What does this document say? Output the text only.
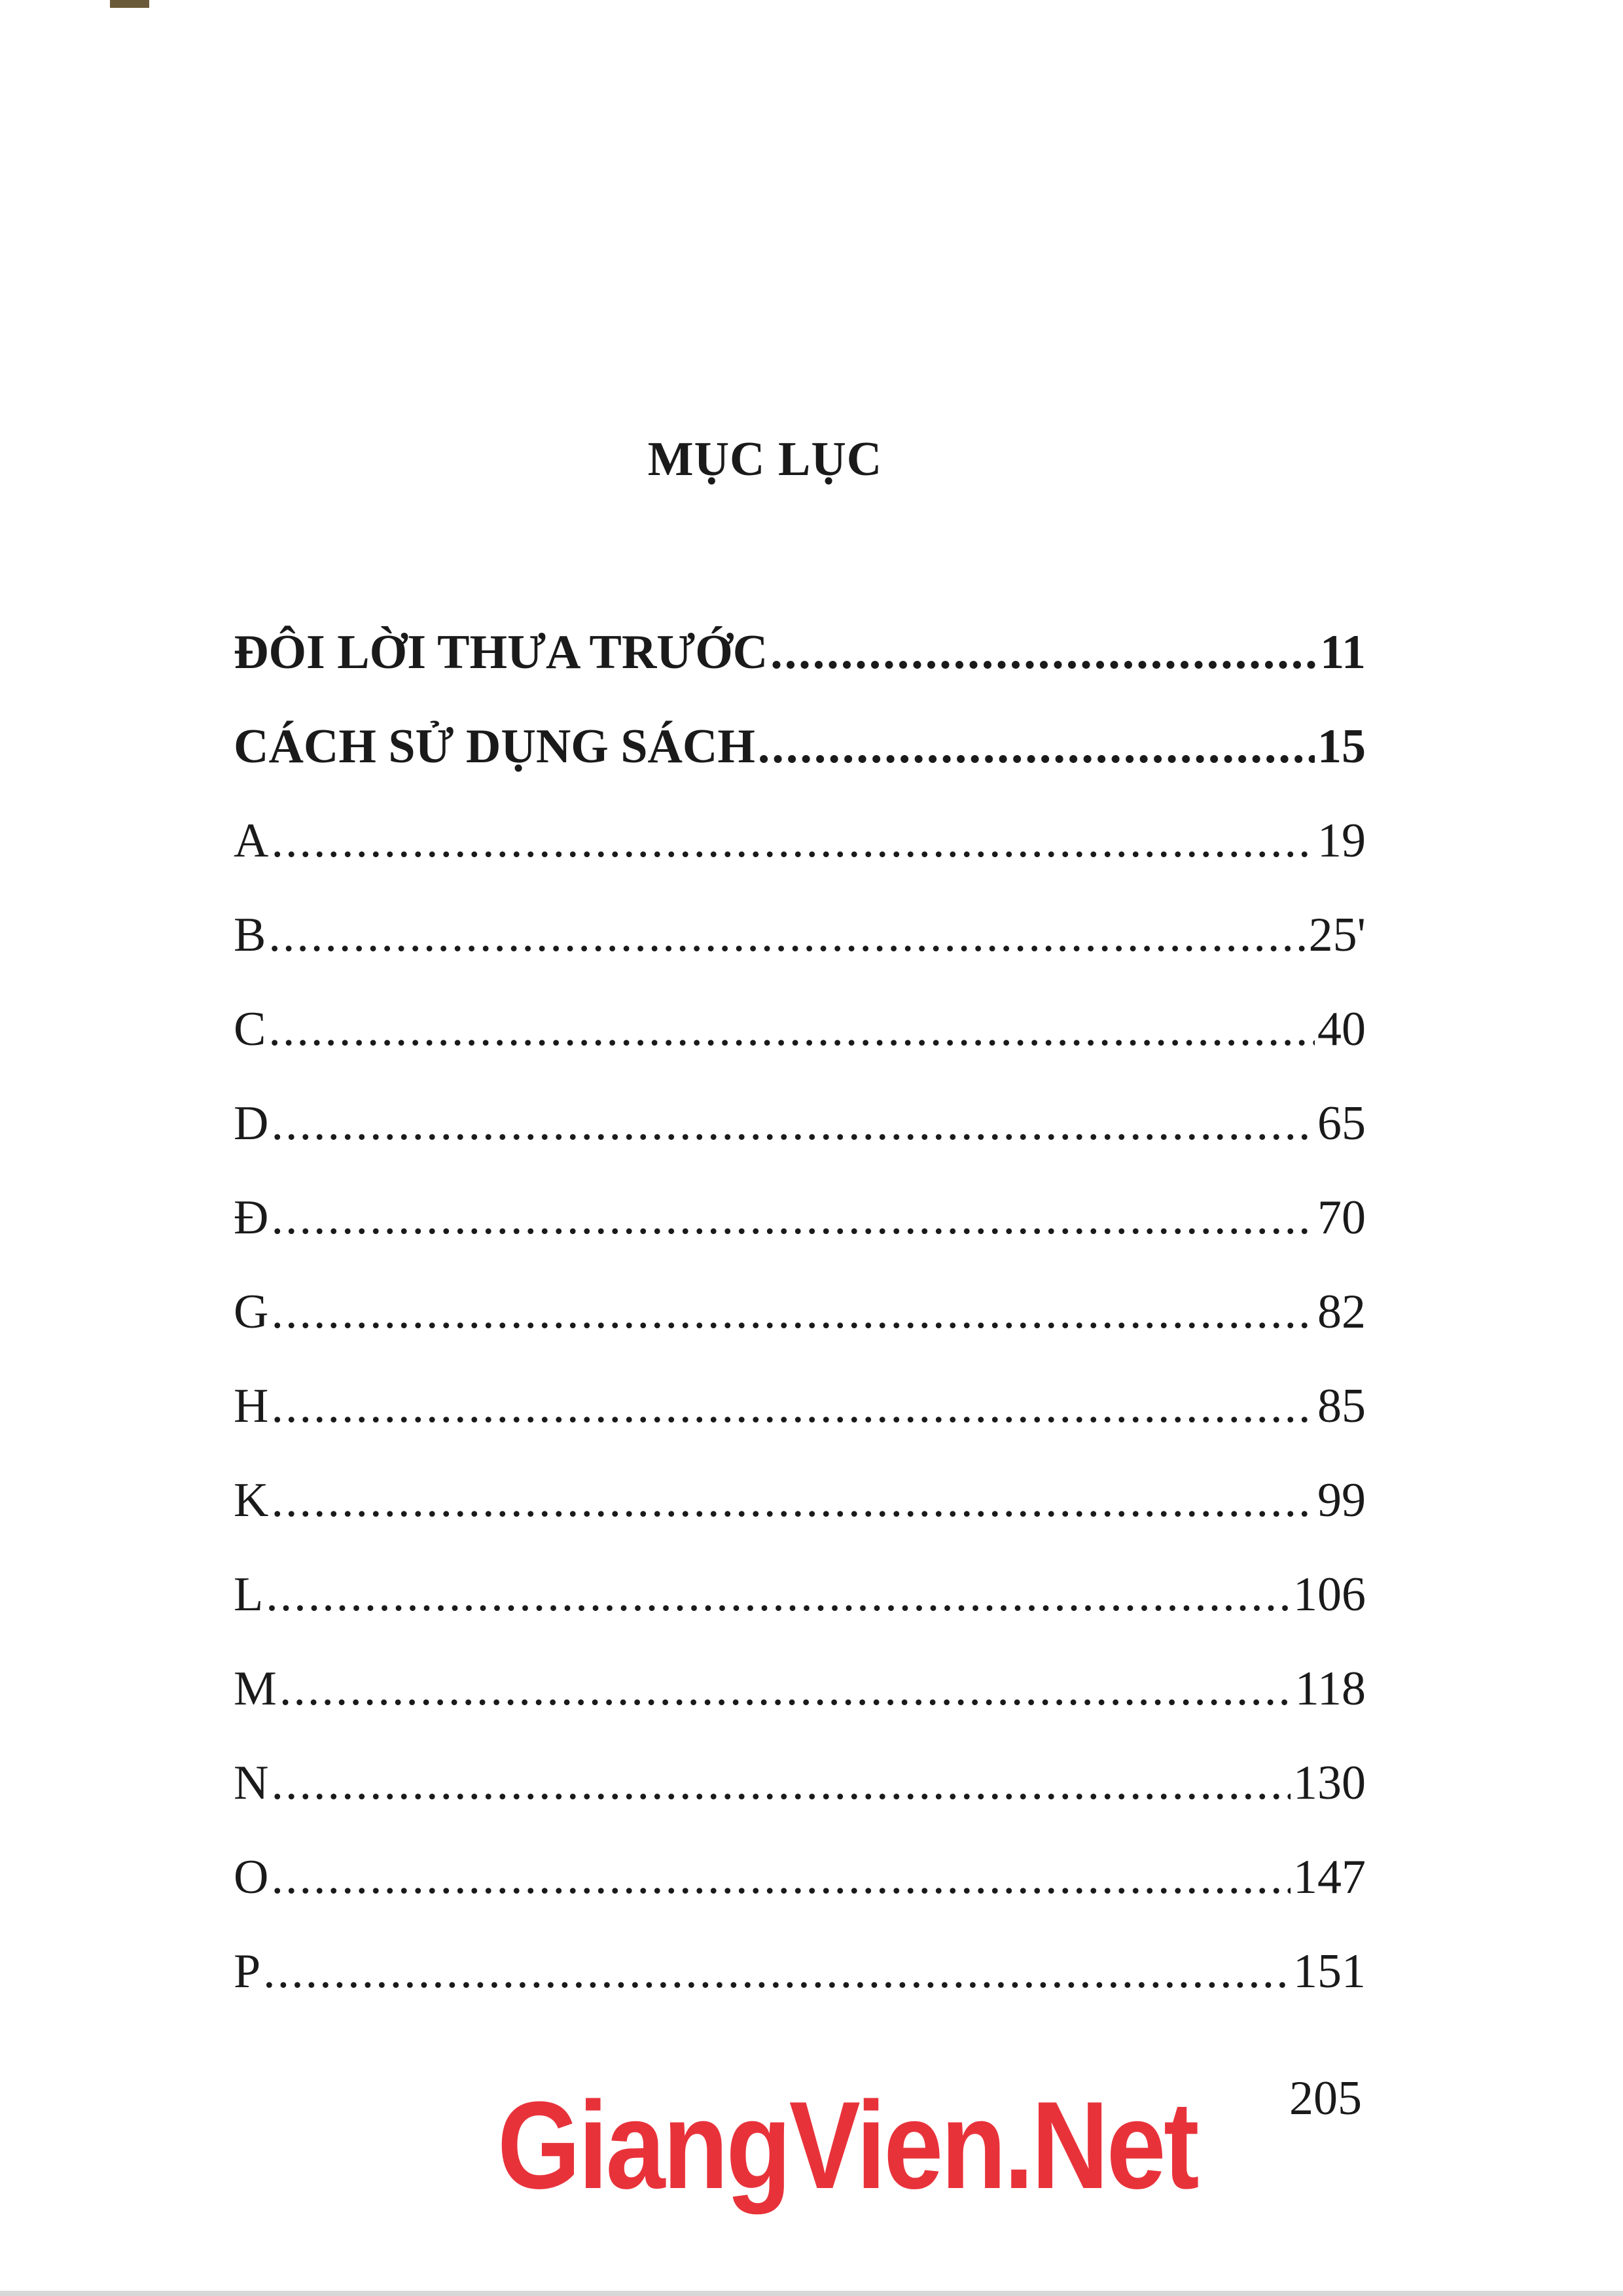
MỤC LỤC
ĐÔI LỜI THƯA TRƯỚC .....	11
CÁCH SỬ DỤNG SÁCH .....	15
A .....	19
B .....	25'
C .....	40
D .....	65
Đ .....	70
G .....	82
H .....	85
K .....	99
L .....	106
M .....	118
N .....	130
O .....	147
P .....	151
205
GiangVien.Net
